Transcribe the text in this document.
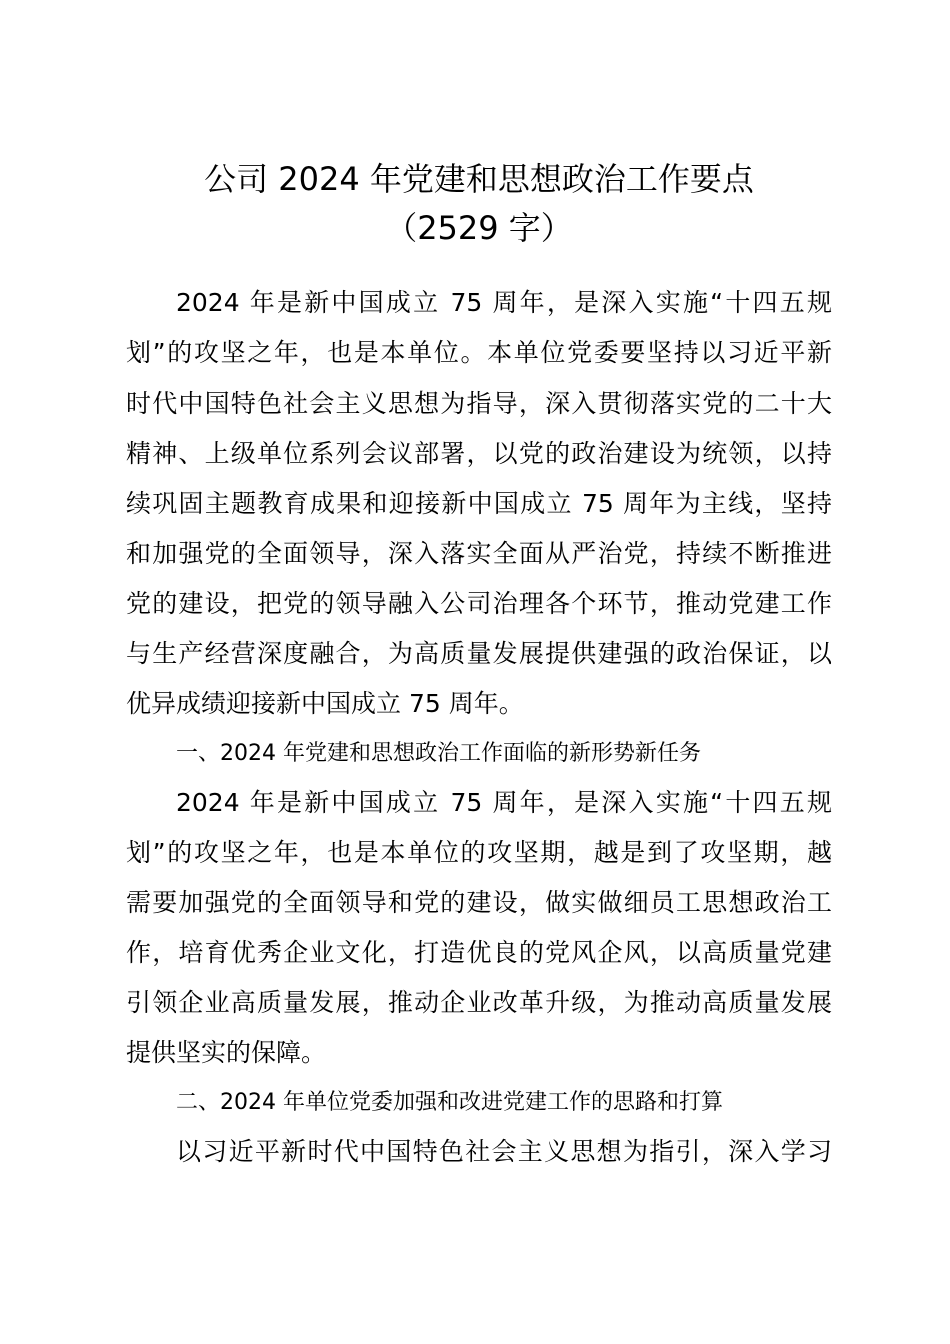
公司 2024 年党建和思想政治工作要点
（2529 字）
2024 年是新中国成立 75 周年，是深入实施“十四五规
划”的攻坚之年，也是本单位。本单位党委要坚持以习近平新
时代中国特色社会主义思想为指导，深入贯彻落实党的二十大
精神、上级单位系列会议部署，以党的政治建设为统领，以持
续巩固主题教育成果和迎接新中国成立 75 周年为主线，坚持
和加强党的全面领导，深入落实全面从严治党，持续不断推进
党的建设，把党的领导融入公司治理各个环节，推动党建工作
与生产经营深度融合，为高质量发展提供建强的政治保证，以
优异成绩迎接新中国成立 75 周年。
一、2024 年党建和思想政治工作面临的新形势新任务
2024 年是新中国成立 75 周年，是深入实施“十四五规
划”的攻坚之年，也是本单位的攻坚期，越是到了攻坚期，越
需要加强党的全面领导和党的建设，做实做细员工思想政治工
作，培育优秀企业文化，打造优良的党风企风，以高质量党建
引领企业高质量发展，推动企业改革升级，为推动高质量发展
提供坚实的保障。
二、2024 年单位党委加强和改进党建工作的思路和打算
以习近平新时代中国特色社会主义思想为指引，深入学习
